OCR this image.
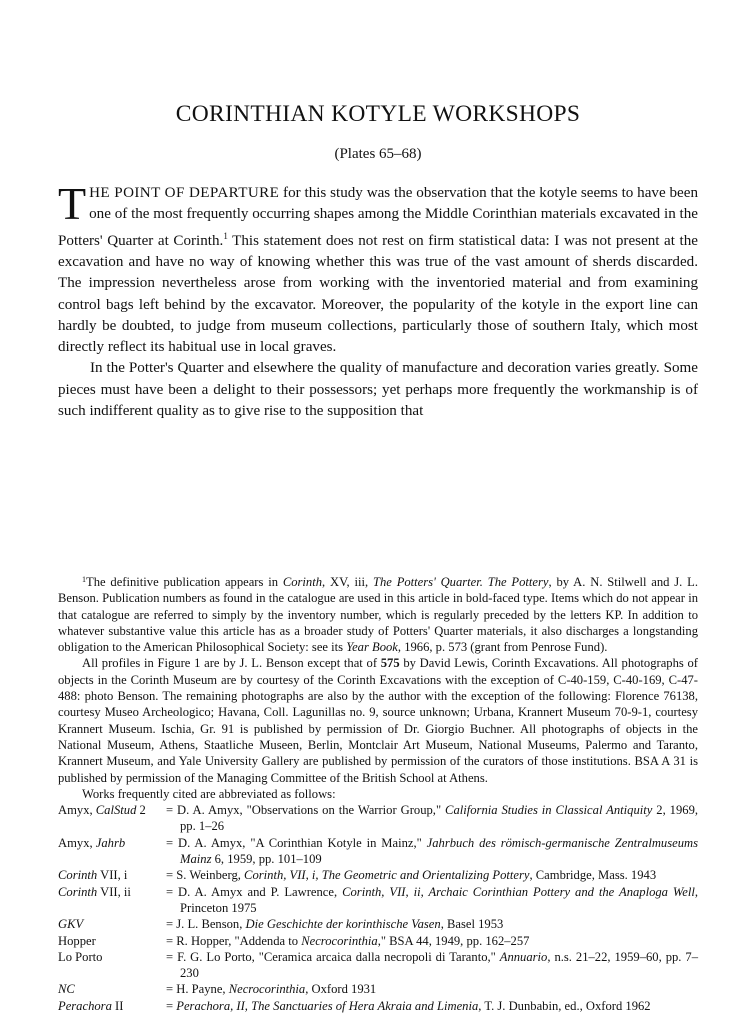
CORINTHIAN KOTYLE WORKSHOPS
(Plates 65–68)

THE POINT OF DEPARTURE for this study was the observation that the kotyle seems to have been one of the most frequently occurring shapes among the Middle Corinthian materials excavated in the Potters' Quarter at Corinth.$^1$ This statement does not rest on firm statistical data: I was not present at the excavation and have no way of knowing whether this was true of the vast amount of sherds discarded. The impression nevertheless arose from working with the inventoried material and from examining control bags left behind by the excavator. Moreover, the popularity of the kotyle in the export line can hardly be doubted, to judge from museum collections, particularly those of southern Italy, which most directly reflect its habitual use in local graves.

In the Potter's Quarter and elsewhere the quality of manufacture and decoration varies greatly. Some pieces must have been a delight to their possessors; yet perhaps more frequently the workmanship is of such indifferent quality as to give rise to the supposition that

$^1$The definitive publication appears in Corinth, XV, iii, The Potters' Quarter. The Pottery, by A. N. Stilwell and J. L. Benson. Publication numbers as found in the catalogue are used in this article in bold-faced type. Items which do not appear in that catalogue are referred to simply by the inventory number, which is regularly preceded by the letters KP. In addition to whatever substantive value this article has as a broader study of Potters' Quarter materials, it also discharges a longstanding obligation to the American Philosophical Society: see its Year Book, 1966, p. 573 (grant from Penrose Fund).

All profiles in Figure 1 are by J. L. Benson except that of 575 by David Lewis, Corinth Excavations. All photographs of objects in the Corinth Museum are by courtesy of the Corinth Excavations with the exception of C-40-159, C-40-169, C-47-488: photo Benson. The remaining photographs are also by the author with the exception of the following: Florence 76138, courtesy Museo Archeologico; Havana, Coll. Lagunillas no. 9, source unknown; Urbana, Krannert Museum 70-9-1, courtesy Krannert Museum. Ischia, Gr. 91 is published by permission of Dr. Giorgio Buchner. All photographs of objects in the National Museum, Athens, Staatliche Museen, Berlin, Montclair Art Museum, National Museums, Palermo and Taranto, Krannert Museum, and Yale University Gallery are published by permission of the curators of those institutions. BSA A 31 is published by permission of the Managing Committee of the British School at Athens.

Works frequently cited are abbreviated as follows:

Amyx, CalStud 2	= D. A. Amyx, "Observations on the Warrior Group," California Studies in Classical Antiquity 2, 1969, pp. 1–26
Amyx, Jahrb	= D. A. Amyx, "A Corinthian Kotyle in Mainz," Jahrbuch des römisch-germanische Zentralmuseums Mainz 6, 1959, pp. 101–109
Corinth VII, i	= S. Weinberg, Corinth, VII, i, The Geometric and Orientalizing Pottery, Cambridge, Mass. 1943
Corinth VII, ii	= D. A. Amyx and P. Lawrence, Corinth, VII, ii, Archaic Corinthian Pottery and the Anaploga Well, Princeton 1975
GKV	= J. L. Benson, Die Geschichte der korinthische Vasen, Basel 1953
Hopper	= R. Hopper, "Addenda to Necrocorinthia," BSA 44, 1949, pp. 162–257
Lo Porto	= F. G. Lo Porto, "Ceramica arcaica dalla necropoli di Taranto," Annuario, n.s. 21–22, 1959–60, pp. 7–230
NC	= H. Payne, Necrocorinthia, Oxford 1931
Perachora II	= Perachora, II, The Sanctuaries of Hera Akraia and Limenia, T. J. Dunbabin, ed., Oxford 1962
